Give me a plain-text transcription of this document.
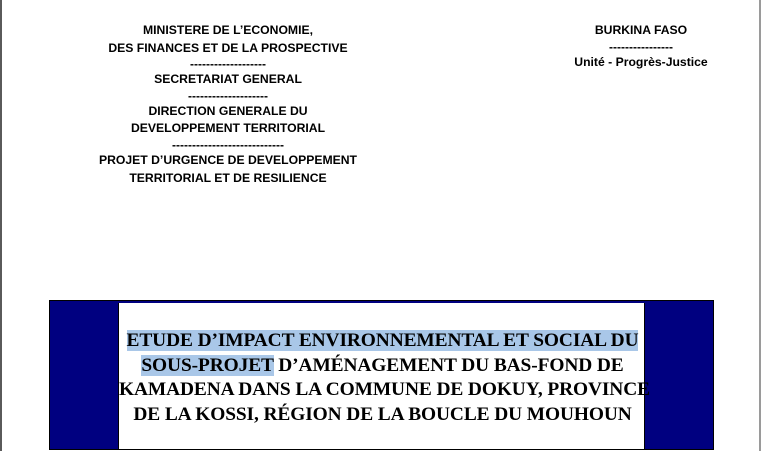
MINISTERE DE L’ECONOMIE,
DES FINANCES ET DE LA PROSPECTIVE
-------------------
SECRETARIAT GENERAL
--------------------
DIRECTION GENERALE DU
DEVELOPPEMENT TERRITORIAL
----------------------------
PROJET D’URGENCE DE DEVELOPPEMENT
TERRITORIAL ET DE RESILIENCE
BURKINA FASO
----------------
Unité - Progrès-Justice
ETUDE D’IMPACT ENVIRONNEMENTAL ET SOCIAL DU
SOUS-PROJET D’AMÉNAGEMENT DU BAS-FOND DE
KAMADENA DANS LA COMMUNE DE DOKUY, PROVINCE
DE LA KOSSI, RÉGION DE LA BOUCLE DU MOUHOUN
